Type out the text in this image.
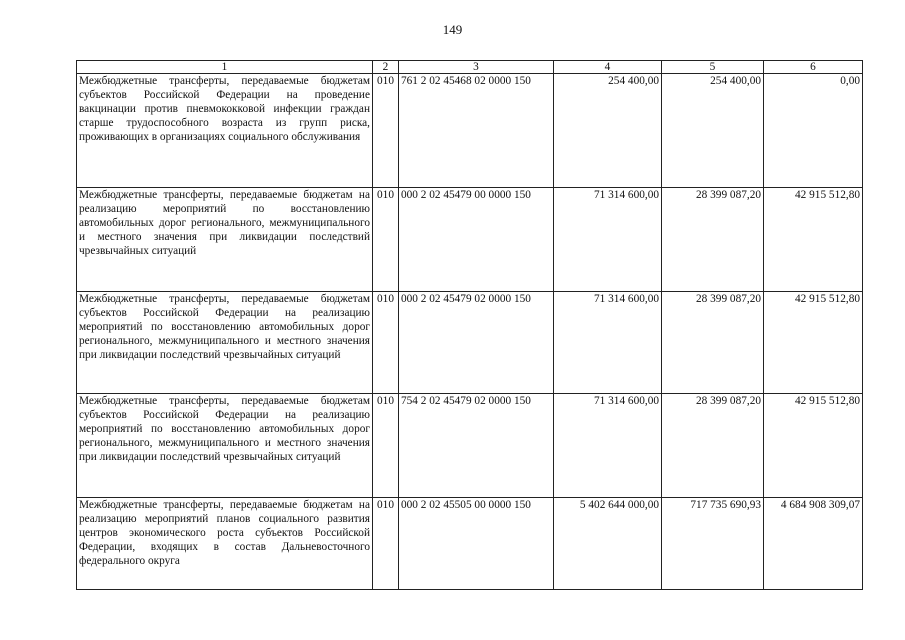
149
1	2	3	4	5	6
Межбюджетные трансферты, передаваемые бюджетам субъектов Российской Федерации на проведение вакцинации против пневмококковой инфекции граждан старше трудоспособного возраста из групп риска, проживающих в организациях социального обслуживания	010	761 2 02 45468 02 0000 150	254 400,00	254 400,00	0,00
Межбюджетные трансферты, передаваемые бюджетам на реализацию мероприятий по восстановлению автомобильных дорог регионального, межмуниципального и местного значения при ликвидации последствий чрезвычайных ситуаций	010	000 2 02 45479 00 0000 150	71 314 600,00	28 399 087,20	42 915 512,80
Межбюджетные трансферты, передаваемые бюджетам субъектов Российской Федерации на реализацию мероприятий по восстановлению автомобильных дорог регионального, межмуниципального и местного значения при ликвидации последствий чрезвычайных ситуаций	010	000 2 02 45479 02 0000 150	71 314 600,00	28 399 087,20	42 915 512,80
Межбюджетные трансферты, передаваемые бюджетам субъектов Российской Федерации на реализацию мероприятий по восстановлению автомобильных дорог регионального, межмуниципального и местного значения при ликвидации последствий чрезвычайных ситуаций	010	754 2 02 45479 02 0000 150	71 314 600,00	28 399 087,20	42 915 512,80
Межбюджетные трансферты, передаваемые бюджетам на реализацию мероприятий планов социального развития центров экономического роста субъектов Российской Федерации, входящих в состав Дальневосточного федерального округа	010	000 2 02 45505 00 0000 150	5 402 644 000,00	717 735 690,93	4 684 908 309,07
